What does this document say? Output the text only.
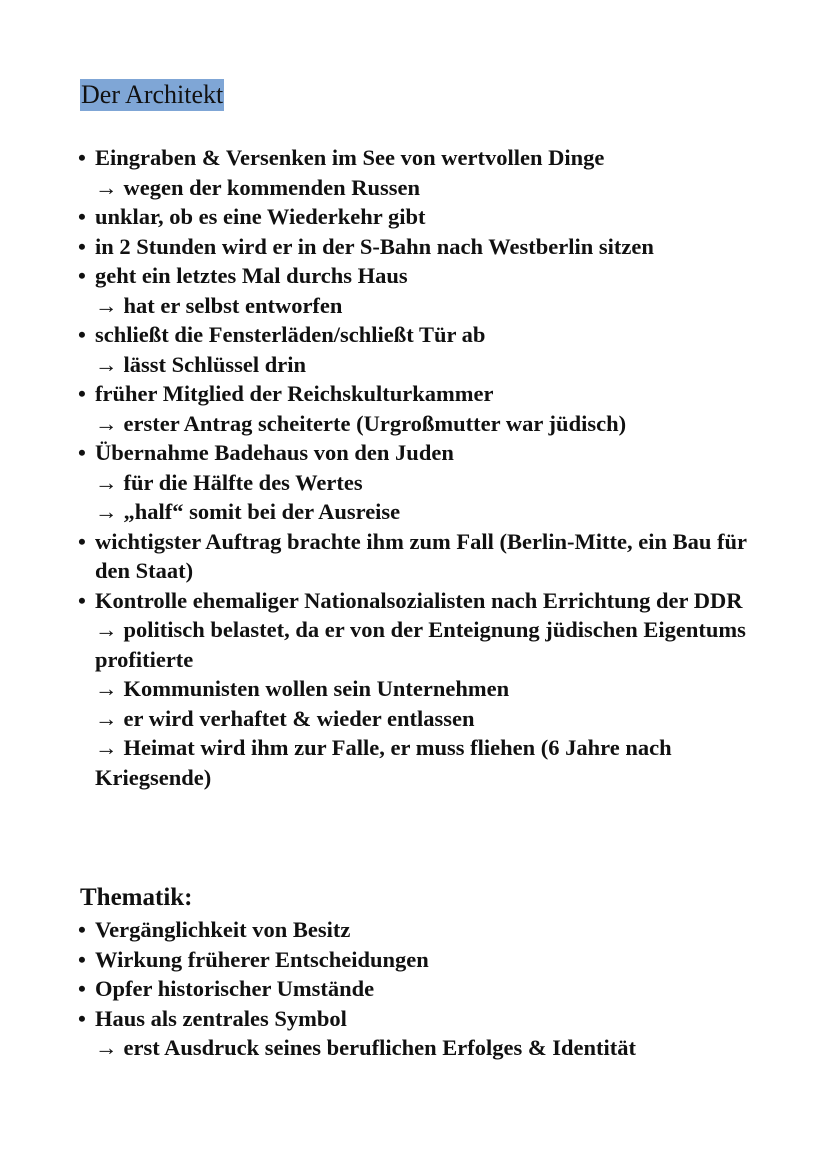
Der Architekt
• Eingraben & Versenken im See von wertvollen Dinge
→ wegen der kommenden Russen
• unklar, ob es eine Wiederkehr gibt
• in 2 Stunden wird er in der S-Bahn nach Westberlin sitzen
• geht ein letztes Mal durchs Haus
→ hat er selbst entworfen
• schließt die Fensterläden/schließt Tür ab
→ lässt Schlüssel drin
• früher Mitglied der Reichskulturkammer
→ erster Antrag scheiterte (Urgroßmutter war jüdisch)
• Übernahme Badehaus von den Juden
→ für die Hälfte des Wertes
→ „half“ somit bei der Ausreise
• wichtigster Auftrag brachte ihm zum Fall (Berlin-Mitte, ein Bau für den Staat)
• Kontrolle ehemaliger Nationalsozialisten nach Errichtung der DDR
→ politisch belastet, da er von der Enteignung jüdischen Eigentums profitierte
→ Kommunisten wollen sein Unternehmen
→ er wird verhaftet & wieder entlassen
→ Heimat wird ihm zur Falle, er muss fliehen (6 Jahre nach Kriegsende)
Thematik:
• Vergänglichkeit von Besitz
• Wirkung früherer Entscheidungen
• Opfer historischer Umstände
• Haus als zentrales Symbol
→ erst Ausdruck seines beruflichen Erfolges & Identität
